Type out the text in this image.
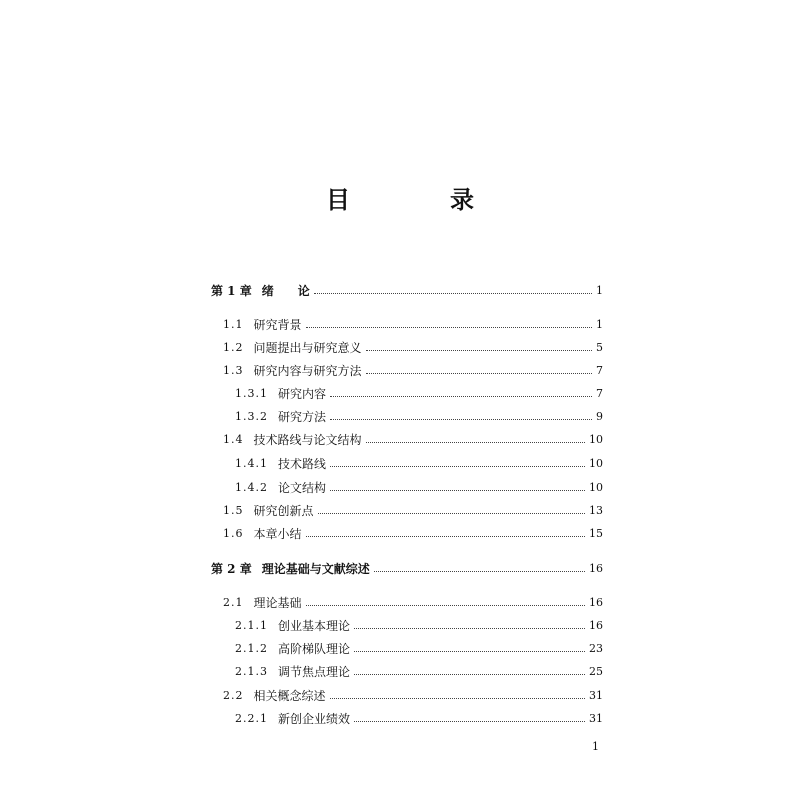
目　录
第 1 章 绪　　论	1
1.1 研究背景	1
1.2 问题提出与研究意义	5
1.3 研究内容与研究方法	7
1.3.1 研究内容	7
1.3.2 研究方法	9
1.4 技术路线与论文结构	10
1.4.1 技术路线	10
1.4.2 论文结构	10
1.5 研究创新点	13
1.6 本章小结	15
第 2 章 理论基础与文献综述	16
2.1 理论基础	16
2.1.1 创业基本理论	16
2.1.2 高阶梯队理论	23
2.1.3 调节焦点理论	25
2.2 相关概念综述	31
2.2.1 新创企业绩效	31
1
